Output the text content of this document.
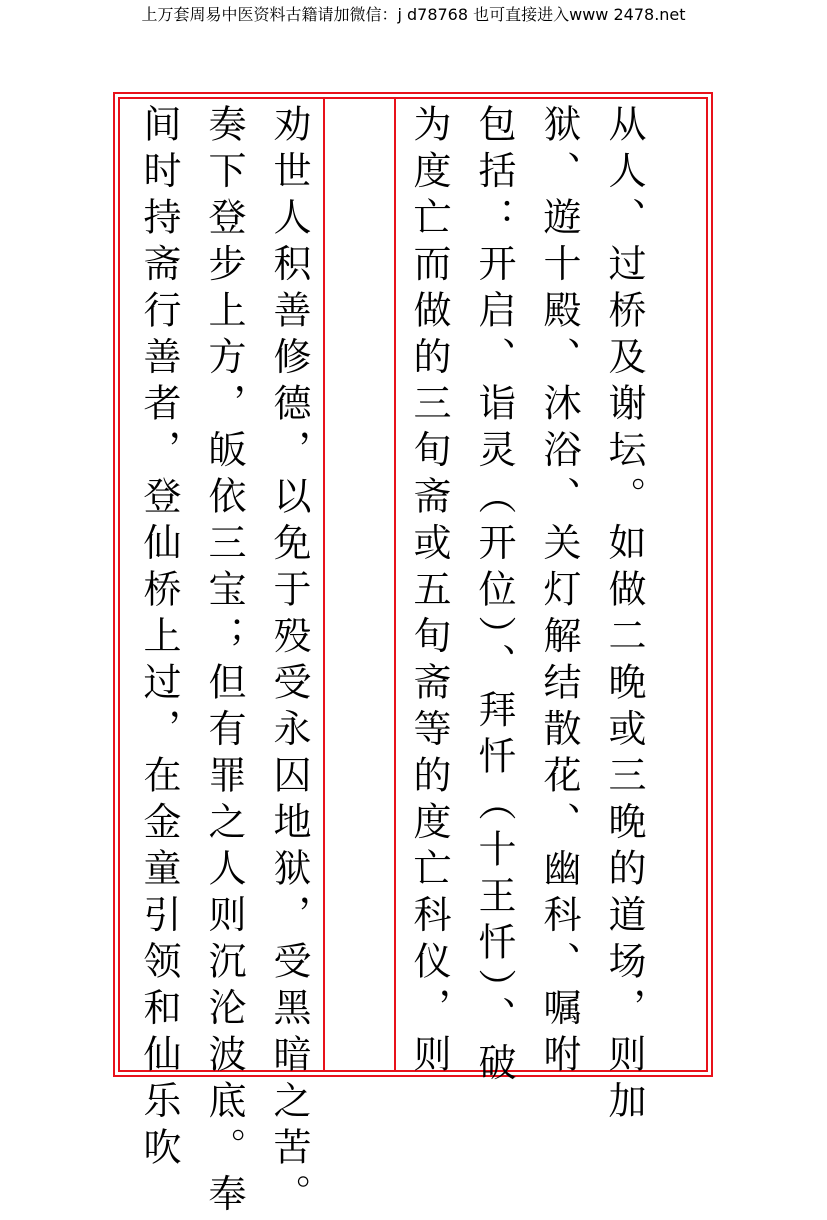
上万套周易中医资料古籍请加微信：j d78768 也可直接进入www 2478.net
从人、过桥及谢坛。如做二晚或三晚的道场，则加
狱、遊十殿、沐浴、关灯解结散花、幽科、嘱咐
包括：开启、诣灵（开位）、拜忏（十王忏）、破
为度亡而做的三旬斋或五旬斋等的度亡科仪，则
劝世人积善修德，以免于殁受永囚地狱，受黑暗之苦。
奏下登步上方，皈依三宝；但有罪之人则沉沦波底。奉
间时持斋行善者，登仙桥上过，在金童引领和仙乐吹
